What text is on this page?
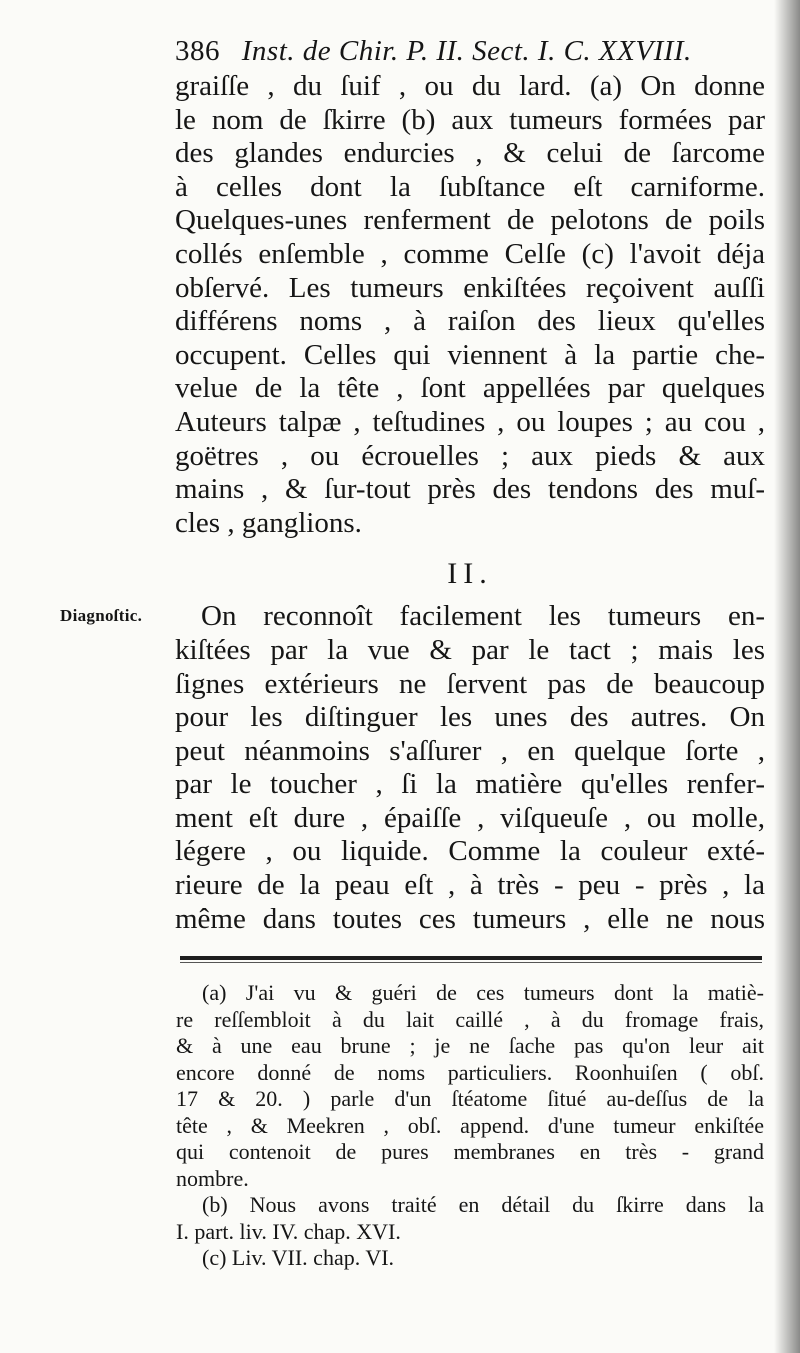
386 Inst. de Chir. P. II. Sect. I. C. XXVIII.
graiſſe , du ſuif , ou du lard. (a) On donne
le nom de ſkirre (b) aux tumeurs formées par
des glandes endurcies , & celui de ſarcome
à celles dont la ſubſtance eſt carniforme.
Quelques-unes renferment de pelotons de poils
collés enſemble , comme Celſe (c) l'avoit déja
obſervé. Les tumeurs enkiſtées reçoivent auſſi
différens noms , à raiſon des lieux qu'elles
occupent. Celles qui viennent à la partie che-
velue de la tête , ſont appellées par quelques
Auteurs talpæ , teſtudines , ou loupes ; au cou ,
goëtres , ou écrouelles ; aux pieds & aux
mains , & ſur-tout près des tendons des muſ-
cles , ganglions.
II.
On reconnoît facilement les tumeurs en-
kiſtées par la vue & par le tact ; mais les
ſignes extérieurs ne ſervent pas de beaucoup
pour les diſtinguer les unes des autres. On
peut néanmoins s'aſſurer , en quelque ſorte ,
par le toucher , ſi la matière qu'elles renfer-
ment eſt dure , épaiſſe , viſqueuſe , ou molle,
légere , ou liquide. Comme la couleur exté-
rieure de la peau eſt , à très - peu - près , la
même dans toutes ces tumeurs , elle ne nous
Diagnoſtic.
(a) J'ai vu & guéri de ces tumeurs dont la matiè-
re reſſembloit à du lait caillé , à du fromage frais,
& à une eau brune ; je ne ſache pas qu'on leur ait
encore donné de noms particuliers. Roonhuiſen ( obſ.
17 & 20. ) parle d'un ſtéatome ſitué au-deſſus de la
tête , & Meekren , obſ. append. d'une tumeur enkiſtée
qui contenoit de pures membranes en très - grand
nombre.
(b) Nous avons traité en détail du ſkirre dans la
I. part. liv. IV. chap. XVI.
(c) Liv. VII. chap. VI.
